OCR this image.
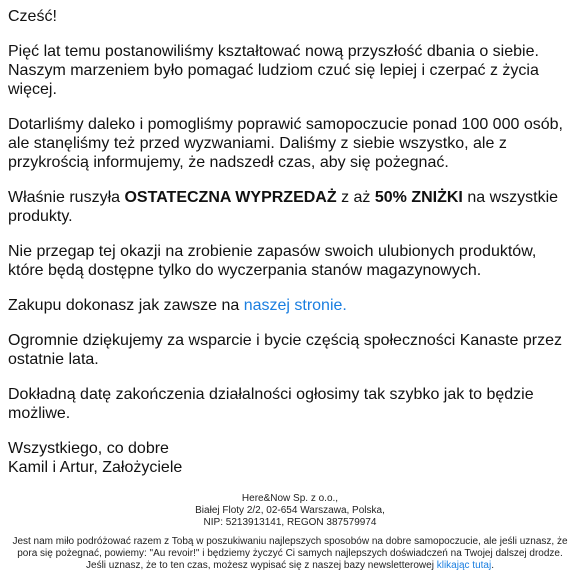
Cześć!

Pięć lat temu postanowiliśmy kształtować nową przyszłość dbania o siebie. Naszym marzeniem było pomagać ludziom czuć się lepiej i czerpać z życia więcej.

Dotarliśmy daleko i pomogliśmy poprawić samopoczucie ponad 100 000 osób, ale stanęliśmy też przed wyzwaniami. Daliśmy z siebie wszystko, ale z przykrością informujemy, że nadszedł czas, aby się pożegnać.

Właśnie ruszyła OSTATECZNA WYPRZEDAŻ z aż 50% ZNIŻKI na wszystkie produkty.

Nie przegap tej okazji na zrobienie zapasów swoich ulubionych produktów, które będą dostępne tylko do wyczerpania stanów magazynowych.

Zakupu dokonasz jak zawsze na naszej stronie.

Ogromnie dziękujemy za wsparcie i bycie częścią społeczności Kanaste przez ostatnie lata.

Dokładną datę zakończenia działalności ogłosimy tak szybko jak to będzie możliwe.

Wszystkiego, co dobre
Kamil i Artur, Założyciele

Here&Now Sp. z o.o.,
Białej Floty 2/2, 02-654 Warszawa, Polska,
NIP: 5213913141, REGON 387579974
Jest nam miło podróżować razem z Tobą w poszukiwaniu najlepszych sposobów na dobre samopoczucie, ale jeśli uznasz, że pora się pożegnać, powiemy: "Au revoir!" i będziemy życzyć Ci samych najlepszych doświadczeń na Twojej dalszej drodze. Jeśli uznasz, że to ten czas, możesz wypisać się z naszej bazy newsletterowej klikając tutaj.
